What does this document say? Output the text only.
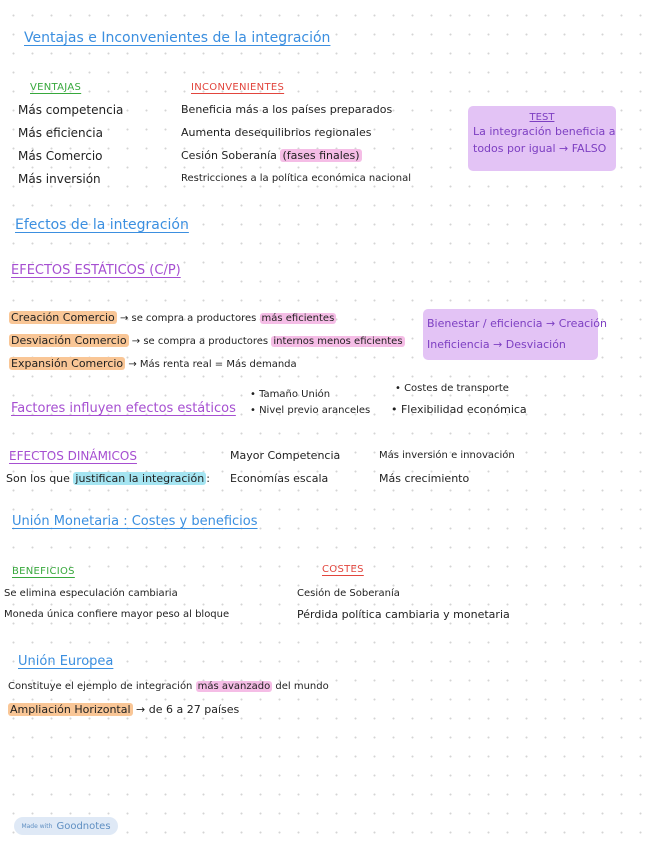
Ventajas e Inconvenientes de la integración
VENTAJAS	INCONVENIENTES
Más competencia
Más eficiencia
Más Comercio
Más inversión
Beneficia más a los países preparados
Aumenta desequilibrios regionales
Cesión Soberanía (fases finales)
Restricciones a la política económica nacional
TEST
La integración beneficia a
todos por igual → FALSO
Efectos de la integración
EFECTOS ESTÁTICOS (C/P)
Creación Comercio → se compra a productores más eficientes
Desviación Comercio → se compra a productores internos menos eficientes
Expansión Comercio → Más renta real = Más demanda
Bienestar / eficiencia → Creación
Ineficiencia → Desviación
Factores influyen efectos estáticos
• Tamaño Unión
• Nivel previo aranceles
• Costes de transporte
• Flexibilidad económica
EFECTOS DINÁMICOS
Son los que justifican la integración :
Mayor Competencia
Economías escala
Más inversión e innovación
Más crecimiento
Unión Monetaria : Costes y beneficios
BENEFICIOS	COSTES
Se elimina especulación cambiaria
Moneda única confiere mayor peso al bloque
Cesión de Soberanía
Pérdida política cambiaria y monetaria
Unión Europea
Constituye el ejemplo de integración más avanzado del mundo
Ampliación Horizontal → de 6 a 27 países
Made with Goodnotes
